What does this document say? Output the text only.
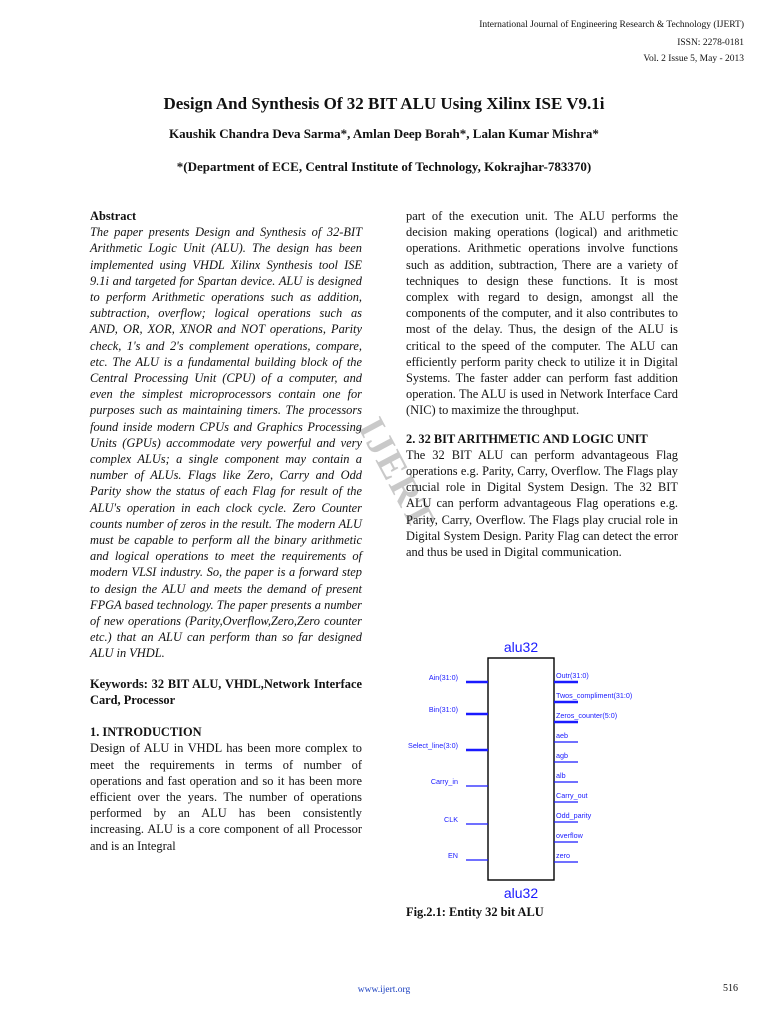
International Journal of Engineering Research & Technology (IJERT)
ISSN: 2278-0181
Vol. 2 Issue 5, May - 2013
Design And Synthesis Of 32 BIT ALU Using Xilinx ISE V9.1i
Kaushik Chandra Deva Sarma*, Amlan Deep Borah*, Lalan Kumar Mishra*
*(Department of ECE, Central Institute of Technology, Kokrajhar-783370)
IJERT
Abstract

The paper presents Design and Synthesis of 32-BIT Arithmetic Logic Unit (ALU). The design has been implemented using VHDL Xilinx Synthesis tool ISE 9.1i and targeted for Spartan device. ALU is designed to perform Arithmetic operations such as addition, subtraction, overflow; logical operations such as AND, OR, XOR, XNOR and NOT operations, Parity check, 1's and 2's complement operations, compare, etc. The ALU is a fundamental building block of the Central Processing Unit (CPU) of a computer, and even the simplest microprocessors contain one for purposes such as maintaining timers. The processors found inside modern CPUs and Graphics Processing Units (GPUs) accommodate very powerful and very complex ALUs; a single component may contain a number of ALUs. Flags like Zero, Carry and Odd Parity show the status of each Flag for result of the ALU's operation in each clock cycle. Zero Counter counts number of zeros in the result. The modern ALU must be capable to perform all the binary arithmetic and logical operations to meet the requirements of modern VLSI industry. So, the paper is a forward step to design the ALU and meets the demand of present FPGA based technology. The paper presents a number of new operations (Parity,Overflow,Zero,Zero counter etc.) that an ALU can perform than so far designed ALU in VHDL.

Keywords: 32 BIT ALU, VHDL,Network Interface Card, Processor

1. INTRODUCTION

Design of ALU in VHDL has been more complex to meet the requirements in terms of number of operations and fast operation and so it has been more efficient over the years. The number of operations performed by an ALU has been consistently increasing. ALU is a core component of all Processor and is an Integral

part of the execution unit. The ALU performs the decision making operations (logical) and arithmetic operations. Arithmetic operations involve functions such as addition, subtraction, There are a variety of techniques to design these functions. It is most complex with regard to design, amongst all the components of the computer, and it also contributes to most of the delay. Thus, the design of the ALU is critical to the speed of the computer. The ALU can efficiently perform parity check to utilize it in Digital Systems. The faster adder can perform fast addition operation. The ALU is used in Network Interface Card (NIC) to maximize the throughput.

2. 32 BIT ARITHMETIC AND LOGIC UNIT

The 32 BIT ALU can perform advantageous Flag operations e.g. Parity, Carry, Overflow. The Flags play crucial role in Digital System Design. The 32 BIT ALU can perform advantageous Flag operations e.g. Parity, Carry, Overflow. The Flags play crucial role in Digital System Design. Parity Flag can detect the error and thus be used in Digital communication.

alu32
alu32
Ain(31:0)
Bin(31:0)
Select_line(3:0)
Carry_in
CLK
EN
Outr(31:0)
Twos_compliment(31:0)
Zeros_counter(5:0)
aeb
agb
alb
Carry_out
Odd_parity
overflow
zero
Fig.2.1: Entity 32 bit ALU
www.ijert.org	516
